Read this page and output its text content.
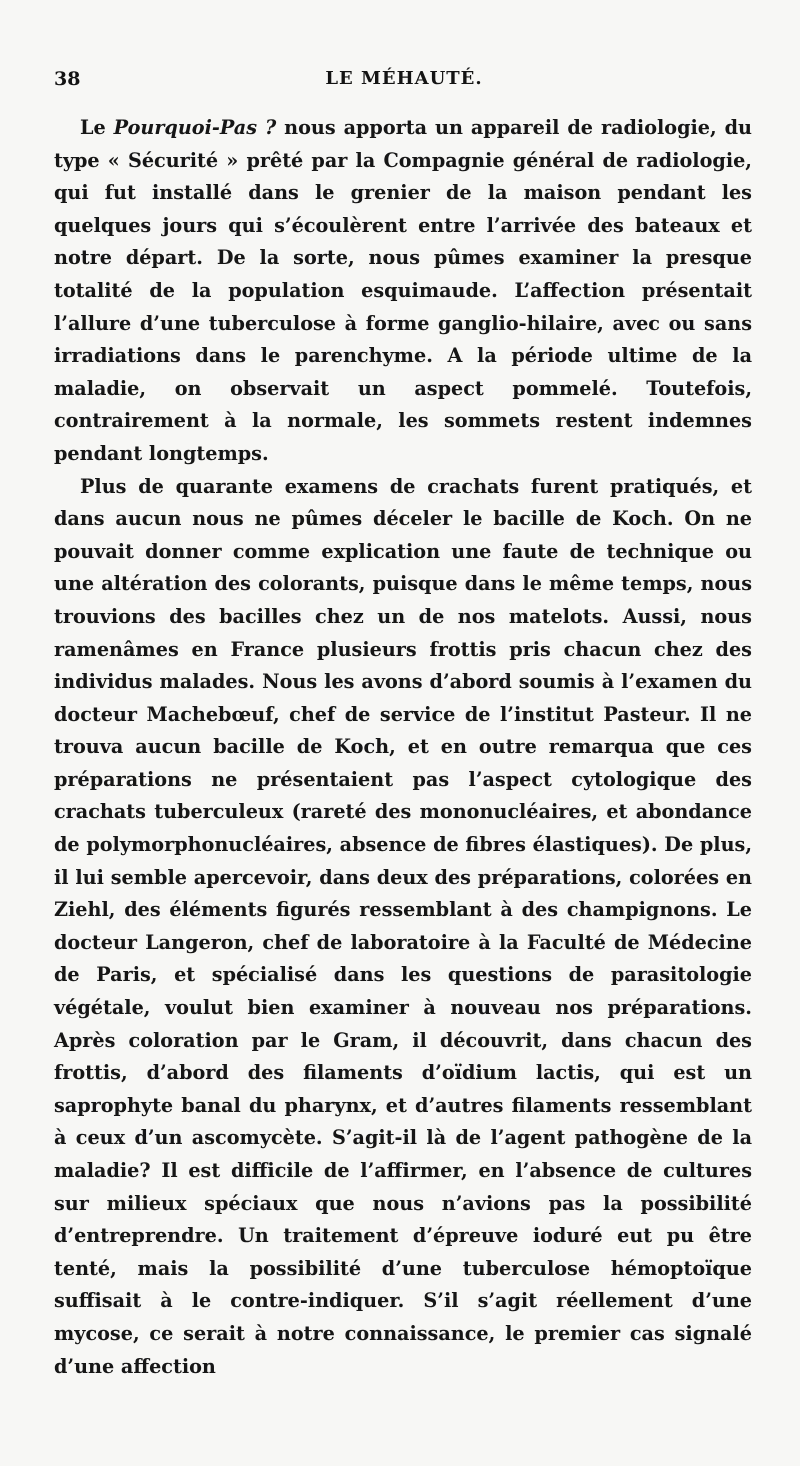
38	LE MÉHAUTÉ.

Le Pourquoi-Pas ? nous apporta un appareil de radiologie, du type « Sécurité » prêté par la Compagnie général de radiologie, qui fut installé dans le grenier de la maison pendant les quelques jours qui s’écoulèrent entre l’arrivée des bateaux et notre départ. De la sorte, nous pûmes examiner la presque totalité de la population esquimaude. L’affection présentait l’allure d’une tuberculose à forme ganglio-hilaire, avec ou sans irradiations dans le parenchyme. A la période ultime de la maladie, on observait un aspect pommelé. Toutefois, contrairement à la normale, les sommets restent indemnes pendant longtemps.

Plus de quarante examens de crachats furent pratiqués, et dans aucun nous ne pûmes déceler le bacille de Koch. On ne pouvait donner comme explication une faute de technique ou une altération des colorants, puisque dans le même temps, nous trouvions des bacilles chez un de nos matelots. Aussi, nous ramenâmes en France plusieurs frottis pris chacun chez des individus malades. Nous les avons d’abord soumis à l’examen du docteur Machebœuf, chef de service de l’institut Pasteur. Il ne trouva aucun bacille de Koch, et en outre remarqua que ces préparations ne présentaient pas l’aspect cytologique des crachats tuberculeux (rareté des mononucléaires, et abondance de polymorphonucléaires, absence de fibres élastiques). De plus, il lui semble apercevoir, dans deux des préparations, colorées en Ziehl, des éléments figurés ressemblant à des champignons. Le docteur Langeron, chef de laboratoire à la Faculté de Médecine de Paris, et spécialisé dans les questions de parasitologie végétale, voulut bien examiner à nouveau nos préparations. Après coloration par le Gram, il découvrit, dans chacun des frottis, d’abord des filaments d’oïdium lactis, qui est un saprophyte banal du pharynx, et d’autres filaments ressemblant à ceux d’un ascomycète. S’agit-il là de l’agent pathogène de la maladie? Il est difficile de l’affirmer, en l’absence de cultures sur milieux spéciaux que nous n’avions pas la possibilité d’entreprendre. Un traitement d’épreuve ioduré eut pu être tenté, mais la possibilité d’une tuberculose hémoptoïque suffisait à le contre-indiquer. S’il s’agit réellement d’une mycose, ce serait à notre connaissance, le premier cas signalé d’une affection
